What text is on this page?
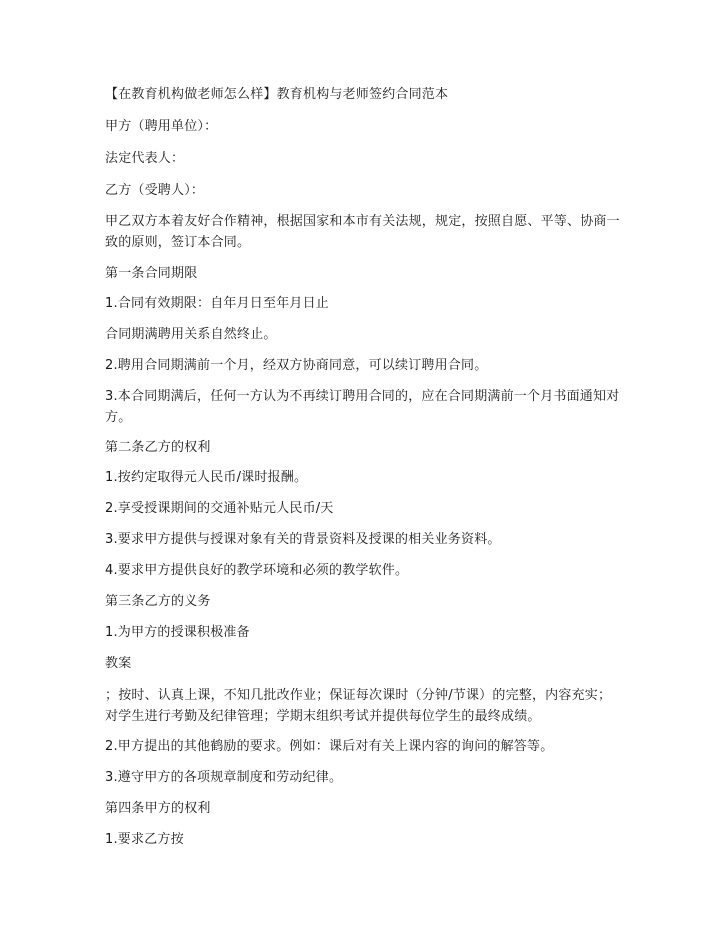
【在教育机构做老师怎么样】教育机构与老师签约合同范本
甲方（聘用单位）：
法定代表人：
乙方（受聘人）：
甲乙双方本着友好合作精神，根据国家和本市有关法规，规定，按照自愿、平等、协商一致的原则，签订本合同。
第一条合同期限
1.合同有效期限：自年月日至年月日止
合同期满聘用关系自然终止。
2.聘用合同期满前一个月，经双方协商同意，可以续订聘用合同。
3.本合同期满后，任何一方认为不再续订聘用合同的，应在合同期满前一个月书面通知对方。
第二条乙方的权利
1.按约定取得元人民币/课时报酬。
2.享受授课期间的交通补贴元人民币/天
3.要求甲方提供与授课对象有关的背景资料及授课的相关业务资料。
4.要求甲方提供良好的教学环境和必须的教学软件。
第三条乙方的义务
1.为甲方的授课积极准备
教案
；按时、认真上课，不知几批改作业；保证每次课时（分钟/节课）的完整，内容充实；对学生进行考勤及纪律管理；学期末组织考试并提供每位学生的最终成绩。
2.甲方提出的其他鹤励的要求。例如：课后对有关上课内容的询问的解答等。
3.遵守甲方的各项规章制度和劳动纪律。
第四条甲方的权利
1.要求乙方按
